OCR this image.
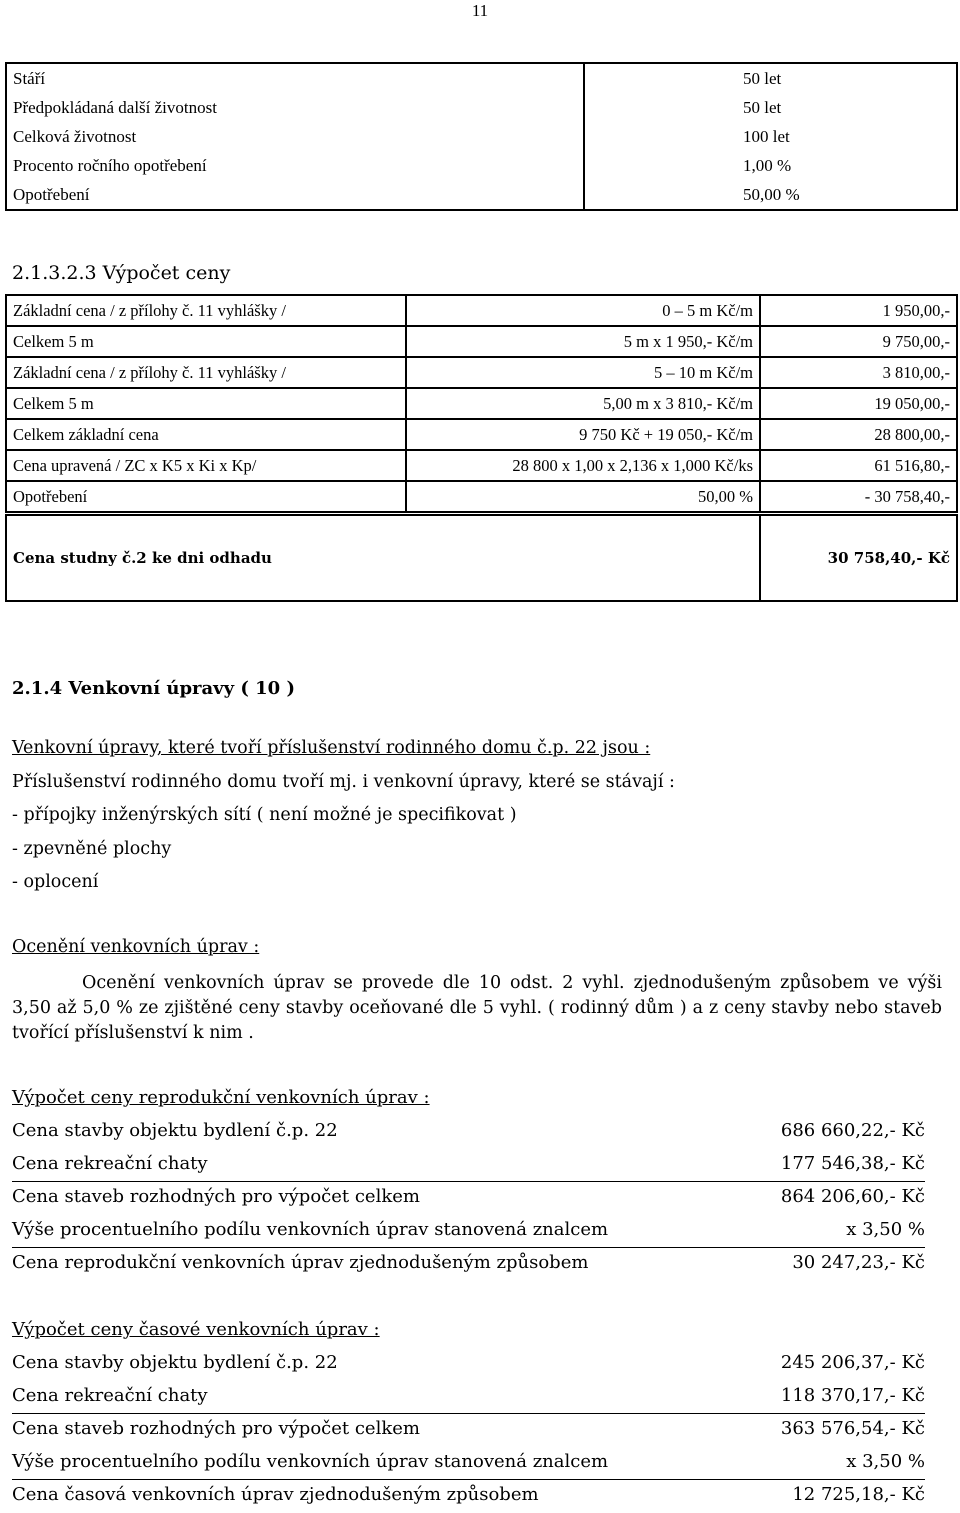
11
Stáří	50 let
Předpokládaná další životnost	50 let
Celková životnost	100 let
Procento ročního opotřebení	1,00 %
Opotřebení	50,00 %
2.1.3.2.3 Výpočet ceny
Základní cena / z přílohy č. 11 vyhlášky /	0 – 5 m Kč/m	1 950,00,-
Celkem 5 m	5 m x 1 950,- Kč/m	9 750,00,-
Základní cena / z přílohy č. 11 vyhlášky /	5 – 10 m Kč/m	3 810,00,-
Celkem 5 m	5,00 m x 3 810,- Kč/m	19 050,00,-
Celkem základní cena	9 750 Kč + 19 050,- Kč/m	28 800,00,-
Cena upravená / ZC x K5 x Ki x Kp/	28 800 x 1,00 x 2,136 x 1,000 Kč/ks	61 516,80,-
Opotřebení	50,00 %	- 30 758,40,-
Cena studny č.2 ke dni odhadu	30 758,40,- Kč
2.1.4 Venkovní úpravy ( 10 )
Venkovní úpravy, které tvoří příslušenství rodinného domu č.p. 22 jsou :
Příslušenství rodinného domu tvoří mj. i venkovní úpravy, které se stávají :
- přípojky inženýrských sítí ( není možné je specifikovat )
- zpevněné plochy
- oplocení
Ocenění venkovních úprav :
Ocenění venkovních úprav se provede dle 10 odst. 2 vyhl. zjednodušeným způsobem ve výši 3,50 až 5,0 % ze zjištěné ceny stavby oceňované dle 5 vyhl. ( rodinný dům ) a z ceny stavby nebo staveb tvořící příslušenství k nim .
Výpočet ceny reprodukční venkovních úprav :
Cena stavby objektu bydlení č.p. 22	686 660,22,- Kč
Cena rekreační chaty	177 546,38,- Kč
Cena staveb rozhodných pro výpočet celkem	864 206,60,- Kč
Výše procentuelního podílu venkovních úprav stanovená znalcem	x 3,50 %
Cena reprodukční venkovních úprav zjednodušeným způsobem	30 247,23,- Kč
Výpočet ceny časové venkovních úprav :
Cena stavby objektu bydlení č.p. 22	245 206,37,- Kč
Cena rekreační chaty	118 370,17,- Kč
Cena staveb rozhodných pro výpočet celkem	363 576,54,- Kč
Výše procentuelního podílu venkovních úprav stanovená znalcem	x 3,50 %
Cena časová venkovních úprav zjednodušeným způsobem	12 725,18,- Kč
